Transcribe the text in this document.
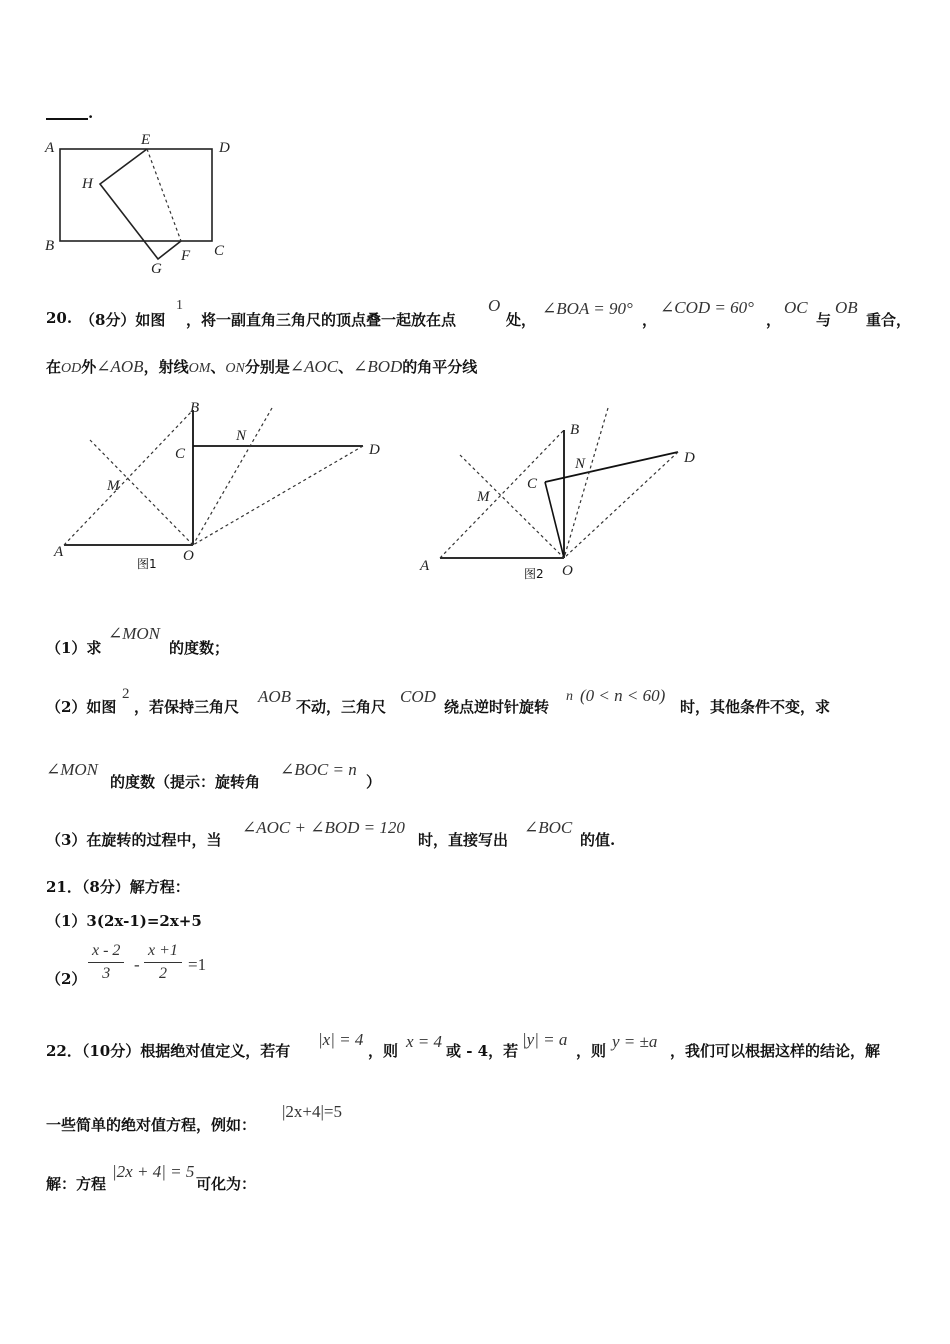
.
A	E	D
H
B
G
F C
20. （8分）如图
1
，将一副直角三角尺的顶点叠一起放在点
O
处，
∠BOA = 90°
，
∠COD = 60°
，
OC
与
OB
重合，
在OD外∠AOB，射线OM、ON分别是∠AOC、∠BOD的角平分线
B
N
C	D
M
A	O
图1
B
D
N
C
M
A	O
图2
（1）求
∠MON
的度数；
（2）如图
2
，若保持三角尺
AOB
不动，三角尺
COD
绕点逆时针旋转
n (0 < n < 60)
时，其他条件不变，求
∠MON
的度数（提示：旋转角
∠BOC = n
）
（3）在旋转的过程中，当
∠AOC + ∠BOD = 120
时，直接写出
∠BOC
的值.
21．（8分）解方程：
（1）3(2x-1)=2x+5
$(2) \frac{x - 2}{3} - \frac{x +1}{2} =1$
22．（10分）根据绝对值定义，若有
|x| = 4
，则 x = 4 或 - 4，若
|y| = a
，则 y = ±a ，我们可以根据这样的结论，解
一些简单的绝对值方程，例如：
|2x+4|=5
解：方程
|2x + 4| = 5
可化为：
